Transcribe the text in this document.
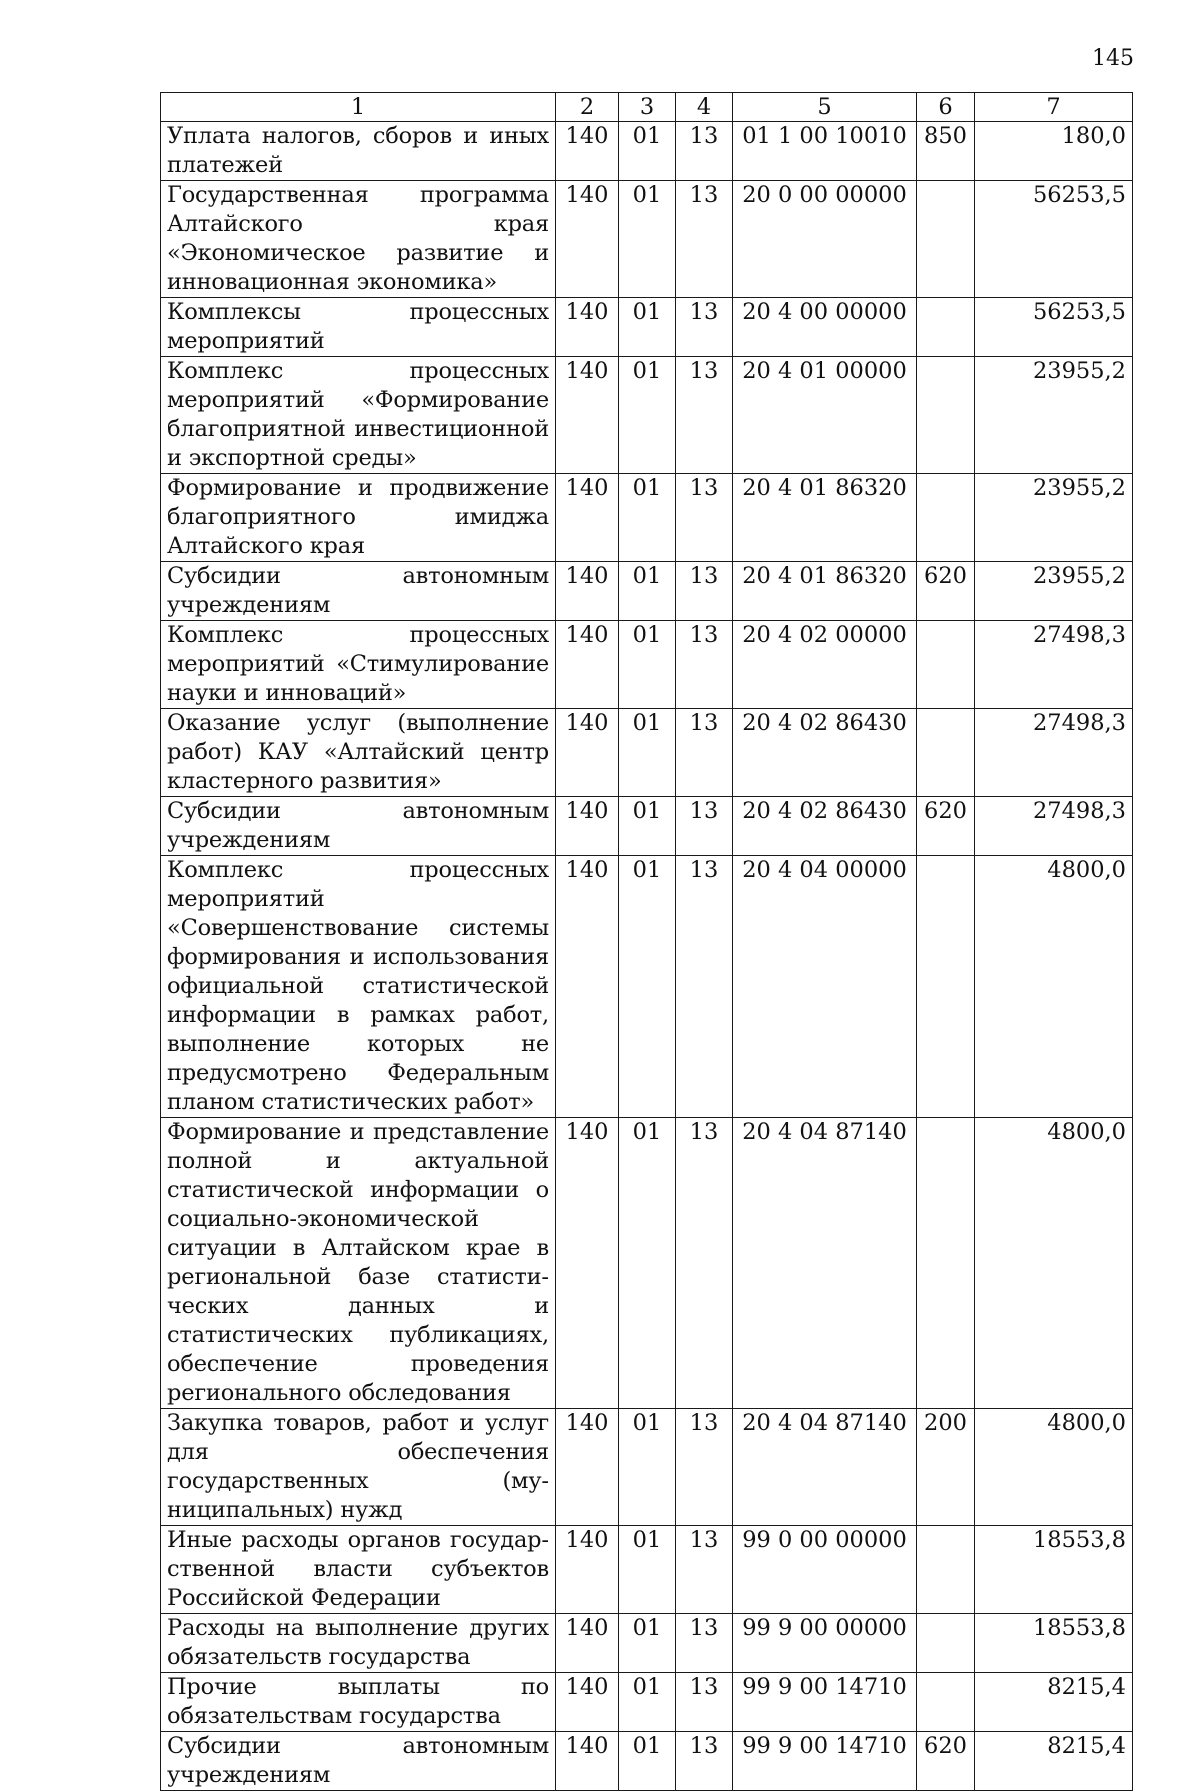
145
1	2	3	4	5	6	7
Уплата налогов, сборов и иных платежей	140	01	13	01 1 00 10010	850	180,0
Государственная программа Алтайского края «Экономическое развитие и инновационная экономика»	140	01	13	20 0 00 00000		56253,5
Комплексы процессных мероприятий	140	01	13	20 4 00 00000		56253,5
Комплекс процессных мероприятий «Формирование благоприятной инвестиционной и экспортной среды»	140	01	13	20 4 01 00000		23955,2
Формирование и продвижение благоприятного имиджа Алтайского края	140	01	13	20 4 01 86320		23955,2
Субсидии автономным учреждениям	140	01	13	20 4 01 86320	620	23955,2
Комплекс процессных мероприятий «Стимулирование науки и инноваций»	140	01	13	20 4 02 00000		27498,3
Оказание услуг (выполнение работ) КАУ «Алтайский центр кластерного развития»	140	01	13	20 4 02 86430		27498,3
Субсидии автономным учреждениям	140	01	13	20 4 02 86430	620	27498,3
Комплекс процессных мероприятий «Совершенствование системы формирования и использования официальной статистической информации в рамках работ, выполнение которых не предусмотрено Федеральным планом статистических работ»	140	01	13	20 4 04 00000		4800,0
Формирование и представление полной и актуальной статистической информации о социально-экономической ситуации в Алтайском крае в региональной базе статистических данных и статистических публикациях, обеспечение проведения регионального обследования	140	01	13	20 4 04 87140		4800,0
Закупка товаров, работ и услуг для обеспечения государственных (муниципальных) нужд	140	01	13	20 4 04 87140	200	4800,0
Иные расходы органов государственной власти субъектов Российской Федерации	140	01	13	99 0 00 00000		18553,8
Расходы на выполнение других обязательств государства	140	01	13	99 9 00 00000		18553,8
Прочие выплаты по обязательствам государства	140	01	13	99 9 00 14710		8215,4
Субсидии автономным учреждениям	140	01	13	99 9 00 14710	620	8215,4
